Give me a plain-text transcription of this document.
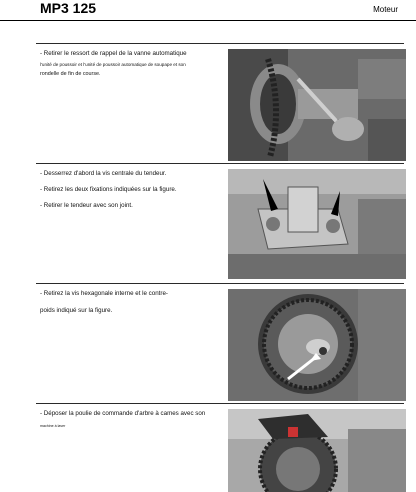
MP3 125	Moteur

- Retirer le ressort de rappel de la vanne automatique

l'unité de poussoir et l'unité de poussoir automatique de soupape et son

rondelle de fin de course.

- Desserrez d'abord la vis centrale du tendeur.

- Retirez les deux fixations indiquées sur la figure.

- Retirer le tendeur avec son joint.

- Retirez la vis hexagonale interne et le contre-

poids indiqué sur la figure.

- Déposer la poulie de commande d'arbre à cames avec son

machine à laver
